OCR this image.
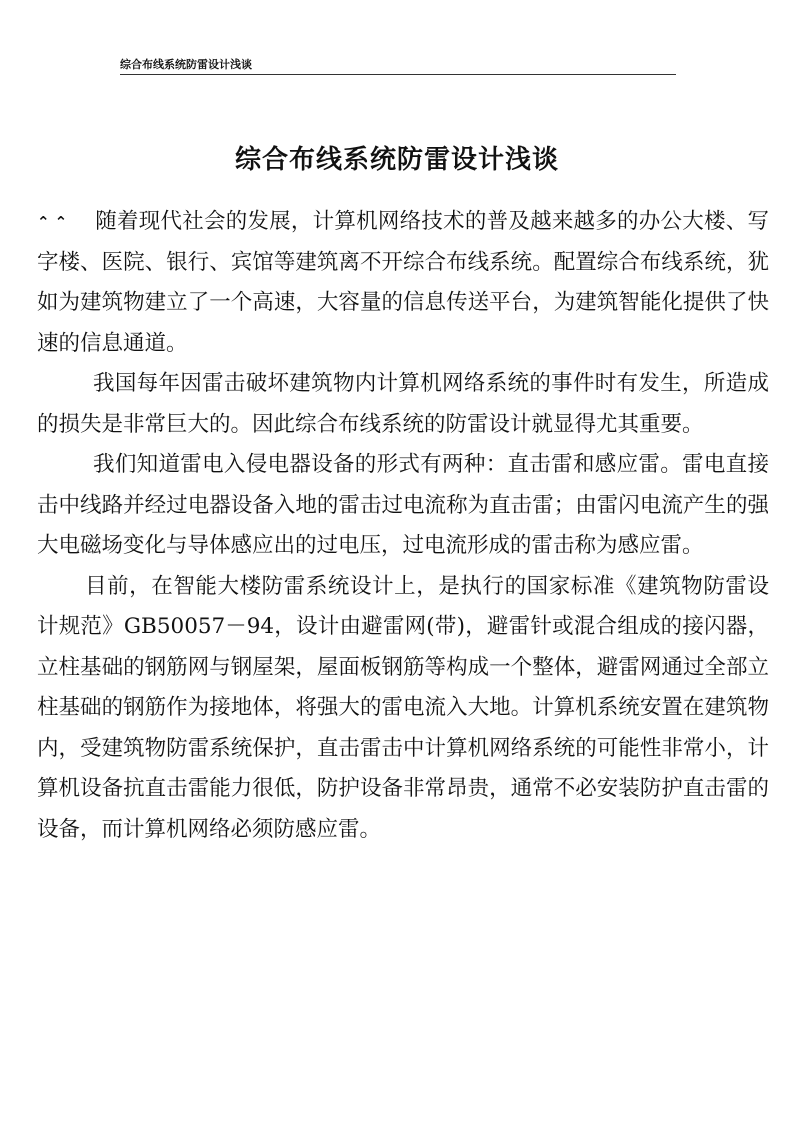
综合布线系统防雷设计浅谈
综合布线系统防雷设计浅谈

⌃⌃ 随着现代社会的发展，计算机网络技术的普及越来越多的办公大楼、写字楼、医院、银行、宾馆等建筑离不开综合布线系统。配置综合布线系统，犹如为建筑物建立了一个高速，大容量的信息传送平台，为建筑智能化提供了快速的信息通道。

我国每年因雷击破坏建筑物内计算机网络系统的事件时有发生，所造成的损失是非常巨大的。因此综合布线系统的防雷设计就显得尤其重要。

我们知道雷电入侵电器设备的形式有两种：直击雷和感应雷。雷电直接击中线路并经过电器设备入地的雷击过电流称为直击雷；由雷闪电流产生的强大电磁场变化与导体感应出的过电压，过电流形成的雷击称为感应雷。

目前，在智能大楼防雷系统设计上，是执行的国家标准《建筑物防雷设计规范》GB50057－94，设计由避雷网(带)，避雷针或混合组成的接闪器，立柱基础的钢筋网与钢屋架，屋面板钢筋等构成一个整体，避雷网通过全部立柱基础的钢筋作为接地体，将强大的雷电流入大地。计算机系统安置在建筑物内，受建筑物防雷系统保护，直击雷击中计算机网络系统的可能性非常小，计算机设备抗直击雷能力很低，防护设备非常昂贵，通常不必安装防护直击雷的设备，而计算机网络必须防感应雷。
